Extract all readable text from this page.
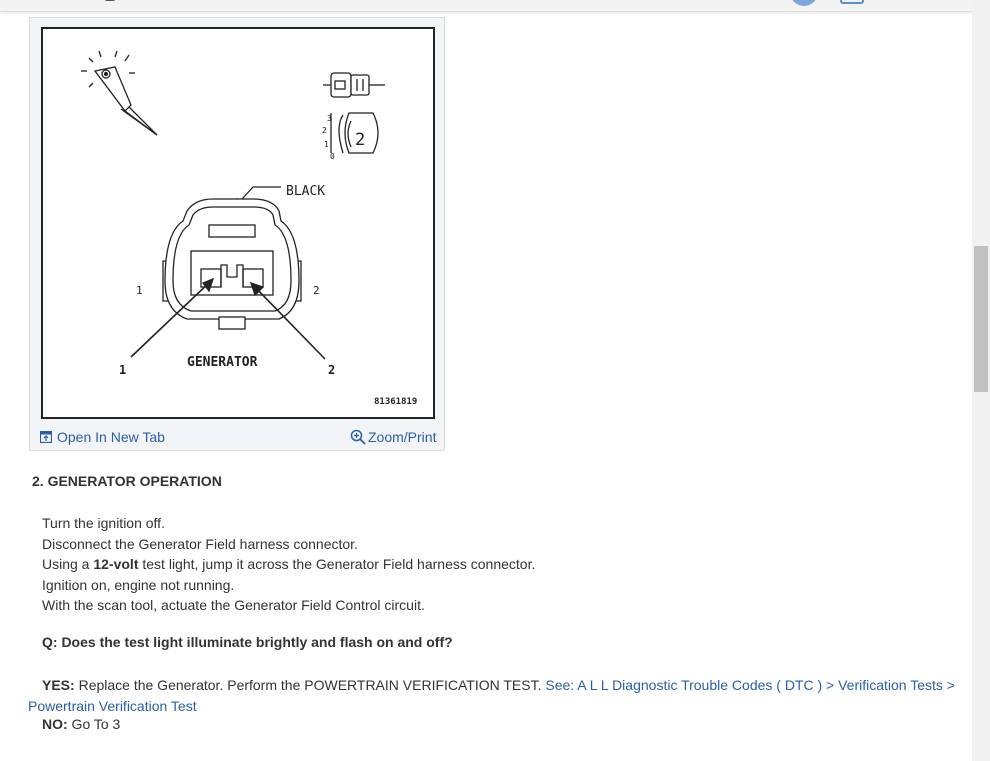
BLACK
GENERATOR
1	2
1	2
81361819
2
3
2
1
0
Open In New Tab	Zoom/Print
2. GENERATOR OPERATION
Turn the ignition off.
Disconnect the Generator Field harness connector.
Using a 12-volt test light, jump it across the Generator Field harness connector.
Ignition on, engine not running.
With the scan tool, actuate the Generator Field Control circuit.
Q: Does the test light illuminate brightly and flash on and off?
YES: Replace the Generator. Perform the POWERTRAIN VERIFICATION TEST. See: A L L Diagnostic Trouble Codes ( DTC ) > Verification Tests > Powertrain Verification Test
NO: Go To 3
